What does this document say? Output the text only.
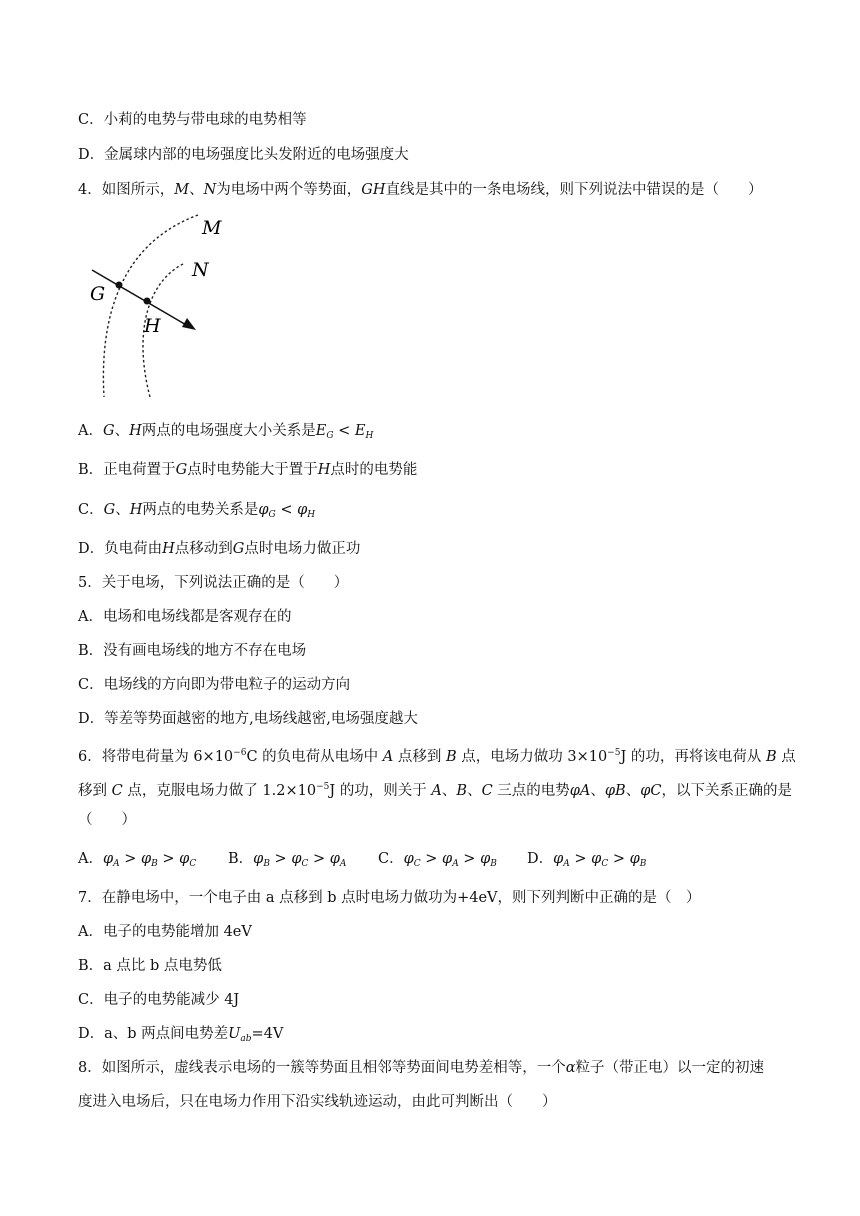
C．小莉的电势与带电球的电势相等
D．金属球内部的电场强度比头发附近的电场强度大
4．如图所示，M、N为电场中两个等势面，GH直线是其中的一条电场线，则下列说法中错误的是（　　）
M
N
G
H
A．G、H两点的电场强度大小关系是$E_G < E_H$
B．正电荷置于G点时电势能大于置于H点时的电势能
C．G、H两点的电势关系是$\varphi_G < \varphi_H$
D．负电荷由H点移动到G点时电场力做正功
5．关于电场，下列说法正确的是（　　）
A．电场和电场线都是客观存在的
B．没有画电场线的地方不存在电场
C．电场线的方向即为带电粒子的运动方向
D．等差等势面越密的地方,电场线越密,电场强度越大
6．将带电荷量为 $6\times 10^{-6}C$ 的负电荷从电场中 A 点移到 B 点，电场力做功 $3\times 10^{-5}J$ 的功，再将该电荷从 B 点
移到 C 点，克服电场力做了 $1.2\times 10^{-5}J$ 的功，则关于 A、B、C 三点的电势φA、φB、φC，以下关系正确的是
（　　）
A．$\varphi_A > \varphi_B > \varphi_C$ B．$\varphi_B > \varphi_C > \varphi_A$ C．$\varphi_C > \varphi_A > \varphi_B$ D．$\varphi_A > \varphi_C > \varphi_B$
7．在静电场中，一个电子由 a 点移到 b 点时电场力做功为+4eV，则下列判断中正确的是（　）
A．电子的电势能增加 4eV
B．a 点比 b 点电势低
C．电子的电势能减少 4J
D．a、b 两点间电势差$U_{ab}=4V$
8．如图所示，虚线表示电场的一簇等势面且相邻等势面间电势差相等，一个α粒子（带正电）以一定的初速
度进入电场后，只在电场力作用下沿实线轨迹运动，由此可判断出（　　）
